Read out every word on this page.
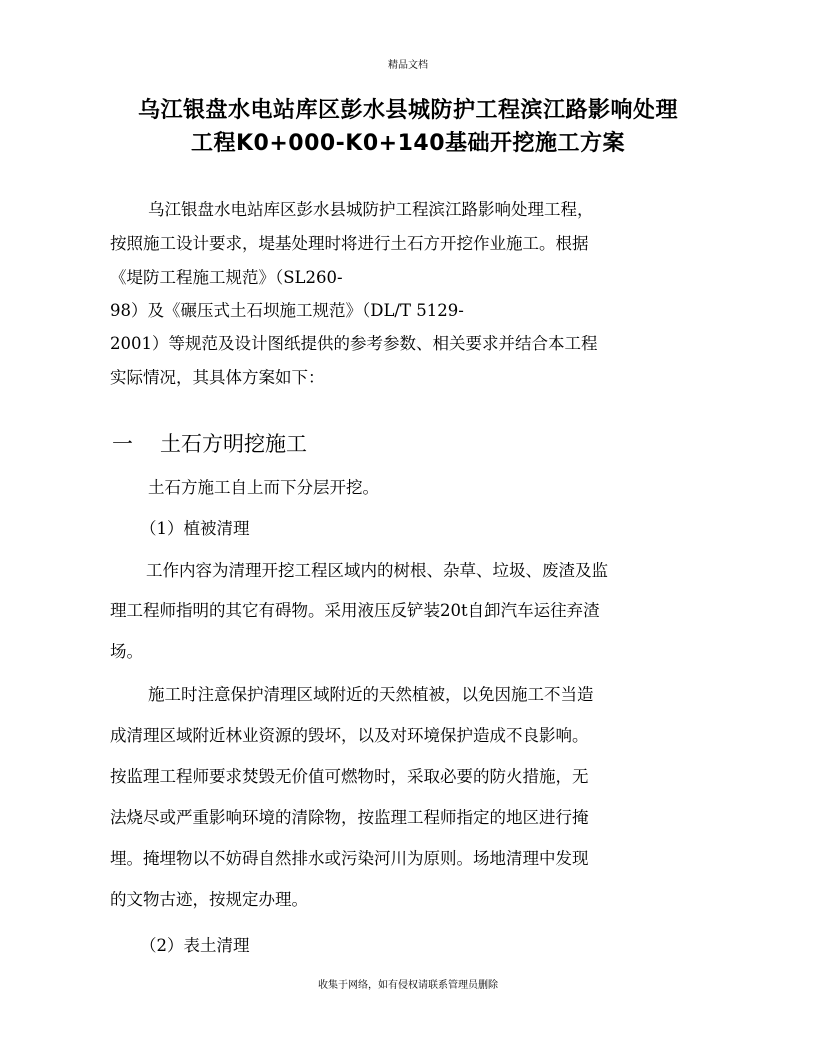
精品文档
乌江银盘水电站库区彭水县城防护工程滨江路影响处理
工程K0+000-K0+140基础开挖施工方案
乌江银盘水电站库区彭水县城防护工程滨江路影响处理工程，
按照施工设计要求，堤基处理时将进行土石方开挖作业施工。根据
《堤防工程施工规范》（SL260-
98）及《碾压式土石坝施工规范》（DL/T 5129-
2001）等规范及设计图纸提供的参考参数、相关要求并结合本工程
实际情况，其具体方案如下：
一 土石方明挖施工
土石方施工自上而下分层开挖。
（1）植被清理
工作内容为清理开挖工程区域内的树根、杂草、垃圾、废渣及监
理工程师指明的其它有碍物。采用液压反铲装20t自卸汽车运往弃渣
场。
施工时注意保护清理区域附近的天然植被，以免因施工不当造
成清理区域附近林业资源的毁坏，以及对环境保护造成不良影响。
按监理工程师要求焚毁无价值可燃物时，采取必要的防火措施，无
法烧尽或严重影响环境的清除物，按监理工程师指定的地区进行掩
埋。掩埋物以不妨碍自然排水或污染河川为原则。场地清理中发现
的文物古迹，按规定办理。
（2）表土清理
收集于网络，如有侵权请联系管理员删除
